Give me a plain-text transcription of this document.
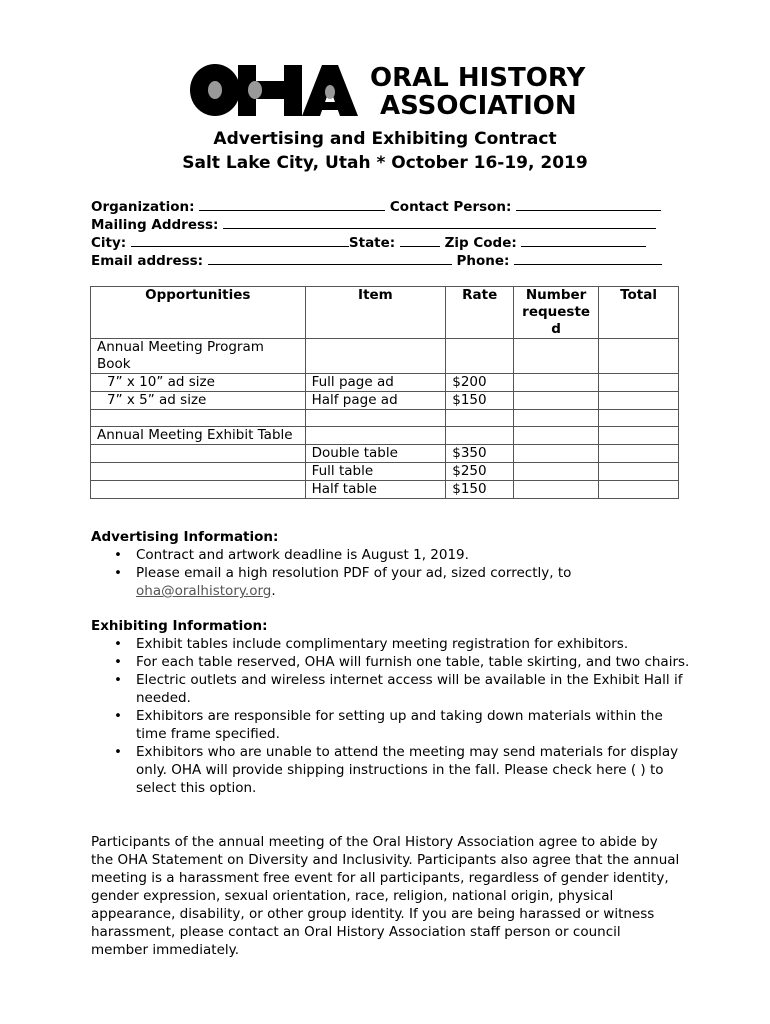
ORAL HISTORY
ASSOCIATION
Advertising and Exhibiting Contract
Salt Lake City, Utah * October 16-19, 2019
Organization:	Contact Person:
Mailing Address:
City:	State:	Zip Code:
Email address:	Phone:
Opportunities	Item	Rate	Number requeste d	Total
Annual Meeting Program Book				
7” x 10” ad size	Full page ad	$200		
7” x 5” ad size	Half page ad	$150		

Annual Meeting Exhibit Table				
	Double table	$350		
	Full table	$250		
	Half table	$150		
Advertising Information:
• Contract and artwork deadline is August 1, 2019.
• Please email a high resolution PDF of your ad, sized correctly, to
oha@oralhistory.org.
Exhibiting Information:
• Exhibit tables include complimentary meeting registration for exhibitors.
• For each table reserved, OHA will furnish one table, table skirting, and two chairs.
• Electric outlets and wireless internet access will be available in the Exhibit Hall if needed.
• Exhibitors are responsible for setting up and taking down materials within the time frame specified.
• Exhibitors who are unable to attend the meeting may send materials for display only. OHA will provide shipping instructions in the fall. Please check here ( ) to select this option.
Participants of the annual meeting of the Oral History Association agree to abide by the OHA Statement on Diversity and Inclusivity. Participants also agree that the annual meeting is a harassment free event for all participants, regardless of gender identity, gender expression, sexual orientation, race, religion, national origin, physical appearance, disability, or other group identity. If you are being harassed or witness harassment, please contact an Oral History Association staff person or council member immediately.
